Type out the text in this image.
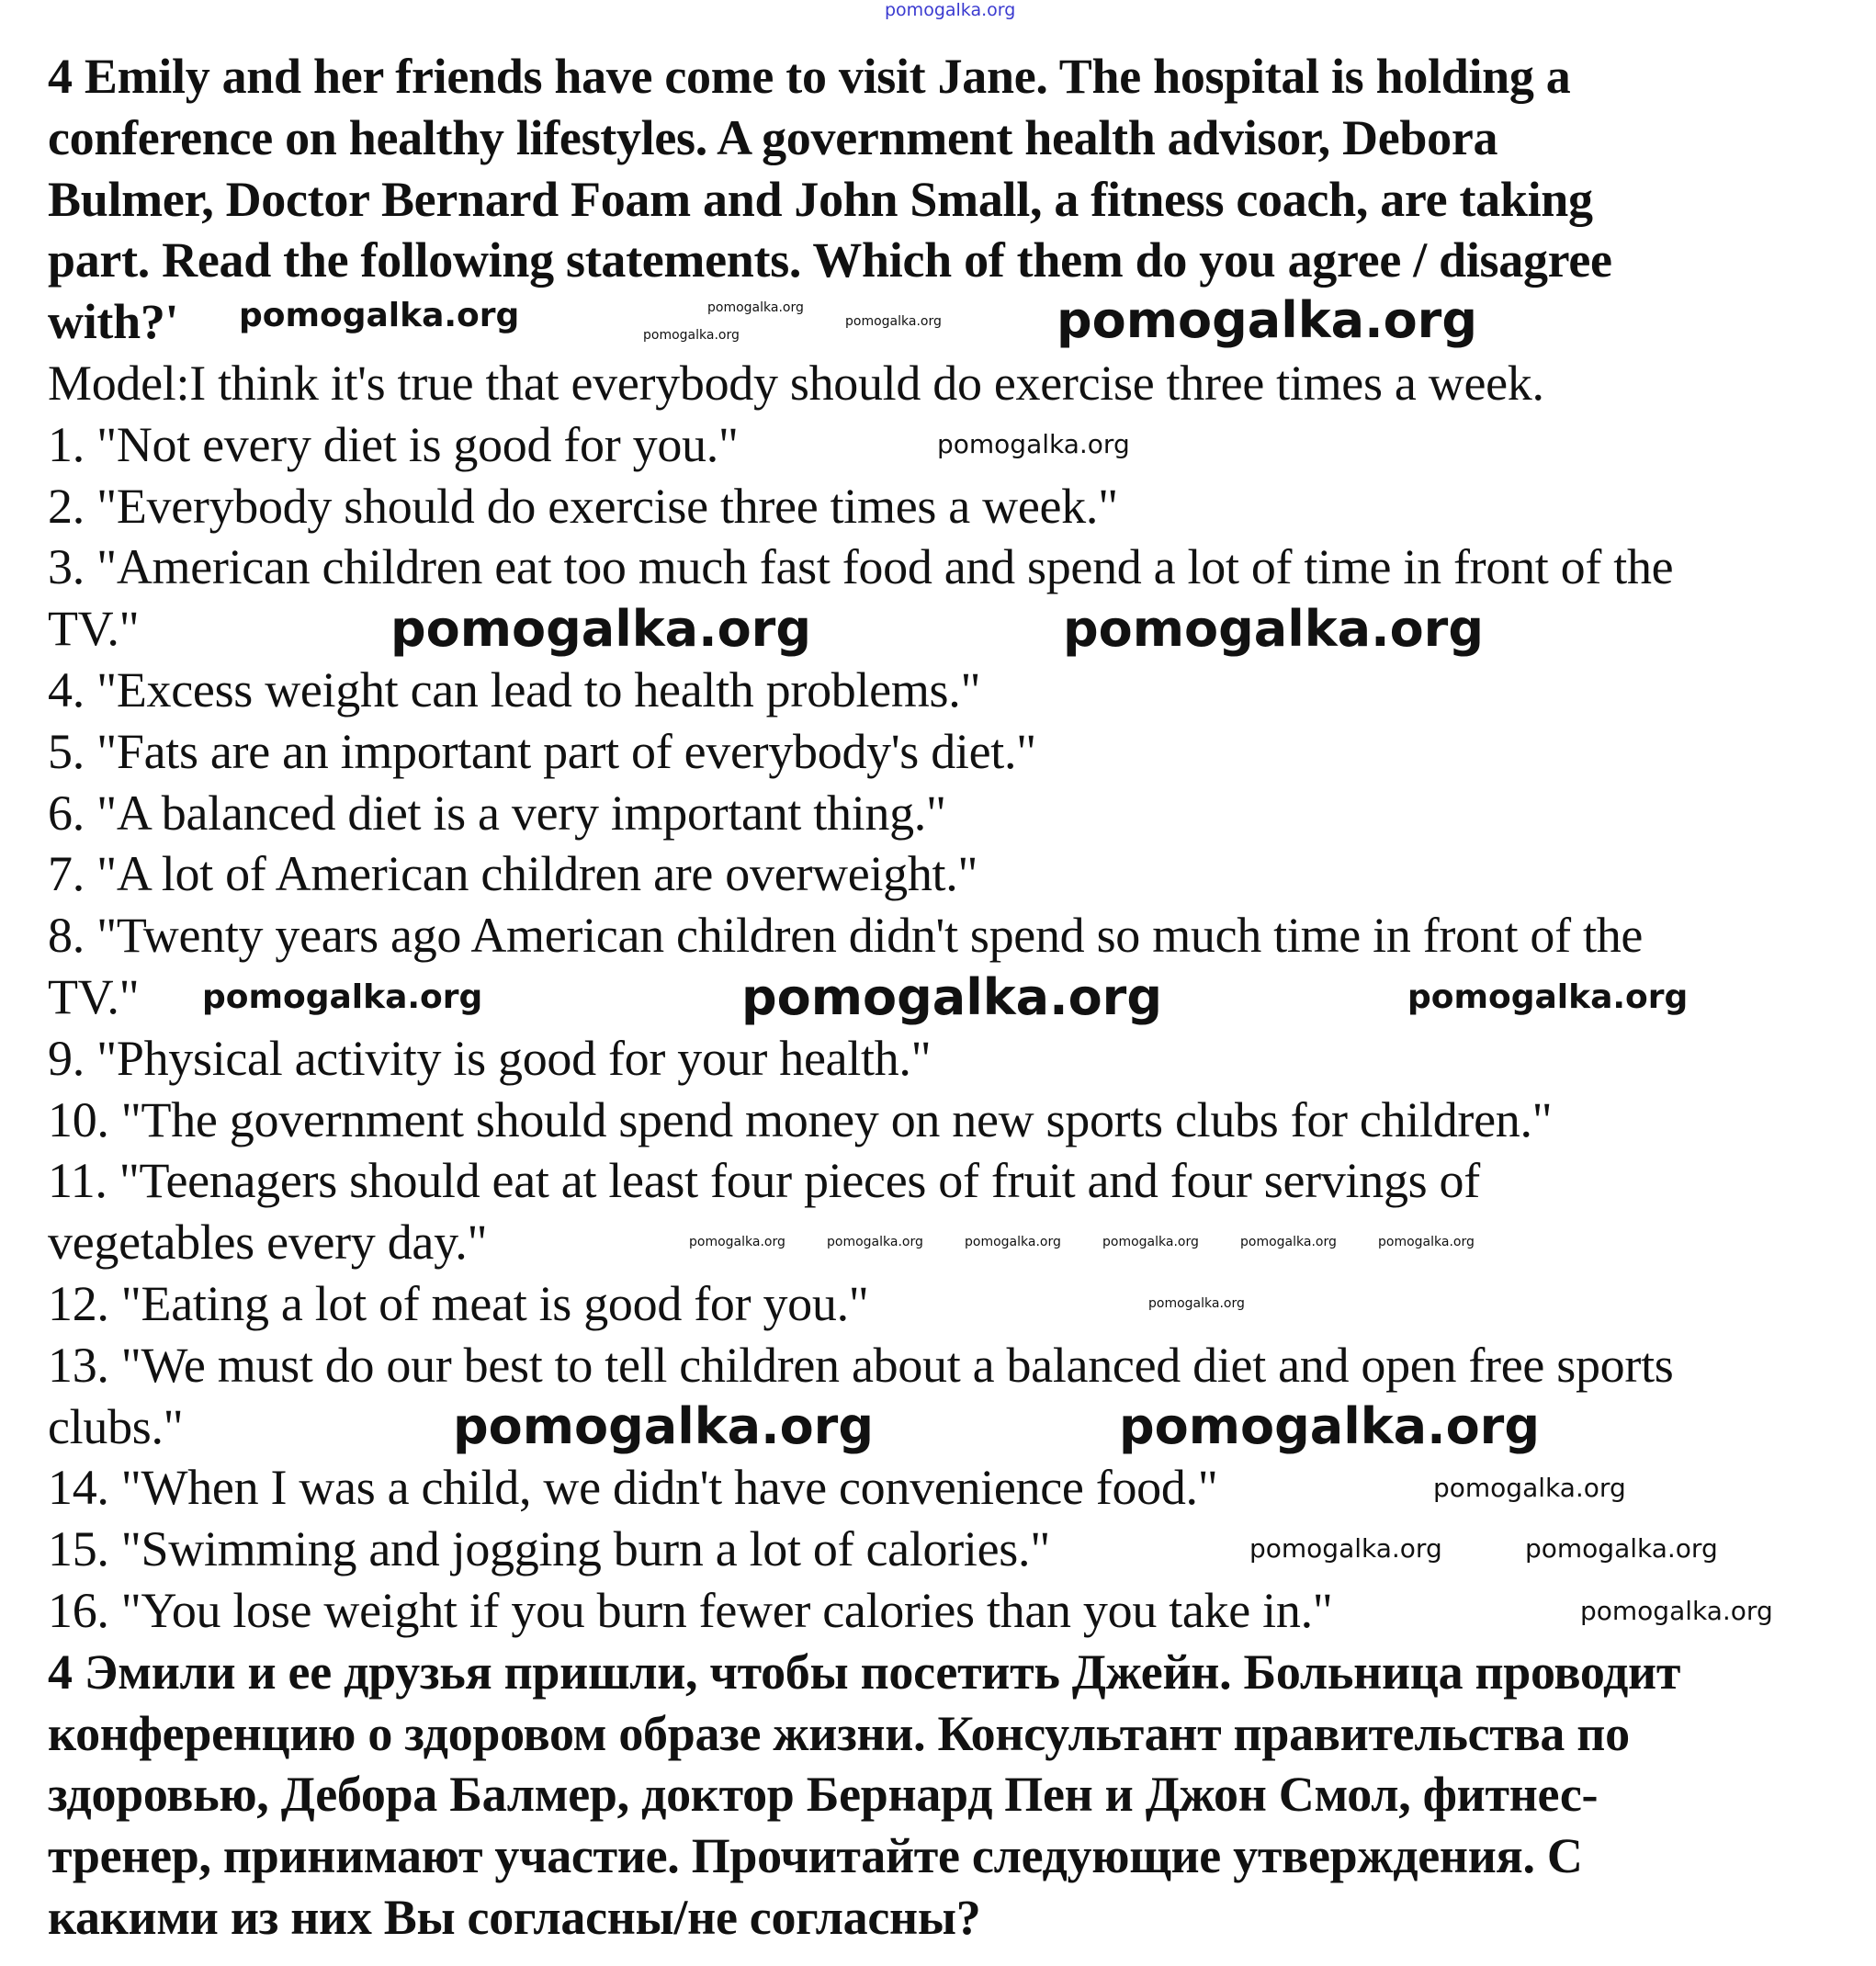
4 Emily and her friends have come to visit Jane. The hospital is holding a
conference on healthy lifestyles. A government health advisor, Debora
Bulmer, Doctor Bernard Foam and John Small, a fitness coach, are taking
part. Read the following statements. Which of them do you agree / disagree
with?'
Model:I think it's true that everybody should do exercise three times a week.
1. "Not every diet is good for you."
2. "Everybody should do exercise three times a week."
3. "American children eat too much fast food and spend a lot of time in front of the
TV."
4. "Excess weight can lead to health problems."
5. "Fats are an important part of everybody's diet."
6. "A balanced diet is a very important thing."
7. "A lot of American children are overweight."
8. "Twenty years ago American children didn't spend so much time in front of the
TV."
9. "Physical activity is good for your health."
10. "The government should spend money on new sports clubs for children."
11. "Teenagers should eat at least four pieces of fruit and four servings of
vegetables every day."
12. "Eating a lot of meat is good for you."
13. "We must do our best to tell children about a balanced diet and open free sports
clubs."
14. "When I was a child, we didn't have convenience food."
15. "Swimming and jogging burn a lot of calories."
16. "You lose weight if you burn fewer calories than you take in."
4 Эмили и ее друзья пришли, чтобы посетить Джейн. Больница проводит
конференцию о здоровом образе жизни. Консультант правительства по
здоровью, Дебора Балмер, доктор Бернард Пен и Джон Смол, фитнес-
тренер, принимают участие. Прочитайте следующие утверждения. С
какими из них Вы согласны/не согласны?
pomogalka.org
pomogalka.org
pomogalka.org
pomogalka.org	pomogalka.org pomogalka.org
pomogalka.org	pomogalka.org
pomogalka.org	pomogalka.org	pomogalka.org
pomogalka.org	pomogalka.org	pomogalka.org	pomogalka.org	pomogalka.org	pomogalka.org
pomogalka.org
pomogalka.org	pomogalka.org
pomogalka.org
pomogalka.org	pomogalka.org
pomogalka.org
pomogalka.org
